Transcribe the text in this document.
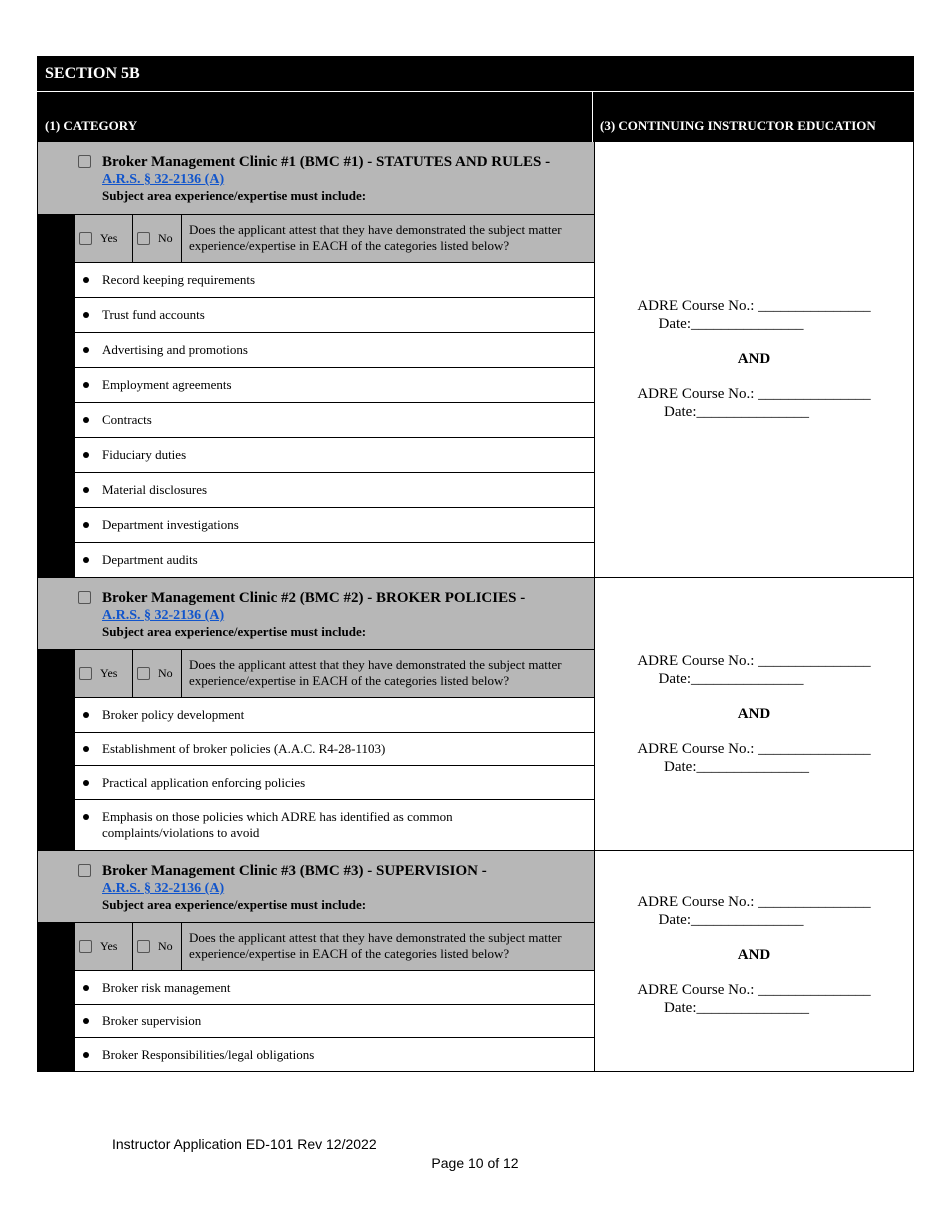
SECTION 5B
(1) CATEGORY	(3) CONTINUING INSTRUCTOR EDUCATION
Broker Management Clinic #1 (BMC #1) - STATUTES AND RULES -
A.R.S. § 32-2136 (A)
Subject area experience/expertise must include:
Yes	No
Does the applicant attest that they have demonstrated the subject matter experience/expertise in EACH of the categories listed below?
Record keeping requirements
Trust fund accounts
Advertising and promotions
Employment agreements
Contracts
Fiduciary duties
Material disclosures
Department investigations
Department audits
ADRE Course No.: _______________
Date:_______________
AND
ADRE Course No.: _______________
Date:_______________
Broker Management Clinic #2 (BMC #2) - BROKER POLICIES -
A.R.S. § 32-2136 (A)
Subject area experience/expertise must include:
Yes	No
Does the applicant attest that they have demonstrated the subject matter experience/expertise in EACH of the categories listed below?
Broker policy development
Establishment of broker policies (A.A.C. R4-28-1103)
Practical application enforcing policies
Emphasis on those policies which ADRE has identified as common complaints/violations to avoid
ADRE Course No.: _______________
Date:_______________
AND
ADRE Course No.: _______________
Date:_______________
Broker Management Clinic #3 (BMC #3) - SUPERVISION -
A.R.S. § 32-2136 (A)
Subject area experience/expertise must include:
Yes	No
Does the applicant attest that they have demonstrated the subject matter experience/expertise in EACH of the categories listed below?
Broker risk management
Broker supervision
Broker Responsibilities/legal obligations
ADRE Course No.: _______________
Date:_______________
AND
ADRE Course No.: _______________
Date:_______________
Instructor Application ED-101 Rev 12/2022
Page 10 of 12
